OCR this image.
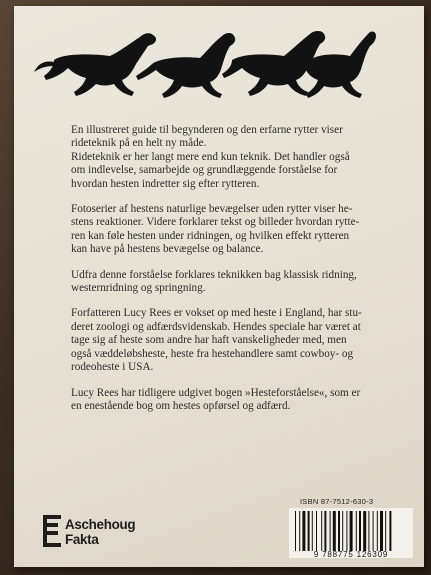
En illustreret guide til begynderen og den erfarne rytter viser
rideteknik på en helt ny måde.
Rideteknik er her langt mere end kun teknik. Det handler også
om indlevelse, samarbejde og grundlæggende forståelse for
hvordan hesten indretter sig efter rytteren.

Fotoserier af hestens naturlige bevægelser uden rytter viser he-
stens reaktioner. Videre forklarer tekst og billeder hvordan rytte-
ren kan føle hesten under ridningen, og hvilken effekt rytteren
kan have på hestens bevægelse og balance.

Udfra denne forståelse forklares teknikken bag klassisk ridning,
westernridning og springning.

Forfatteren Lucy Rees er vokset op med heste i England, har stu-
deret zoologi og adfærdsvidenskab. Hendes speciale har været at
tage sig af heste som andre har haft vanskeligheder med, men
også væddeløbsheste, heste fra hestehandlere samt cowboy- og
rodeoheste i USA.

Lucy Rees har tidligere udgivet bogen »Hesteforståelse«, som er
en enestående bog om hestes opførsel og adfærd.

Aschehoug
Fakta
ISBN 87-7512-630-3
9 788775 126309
